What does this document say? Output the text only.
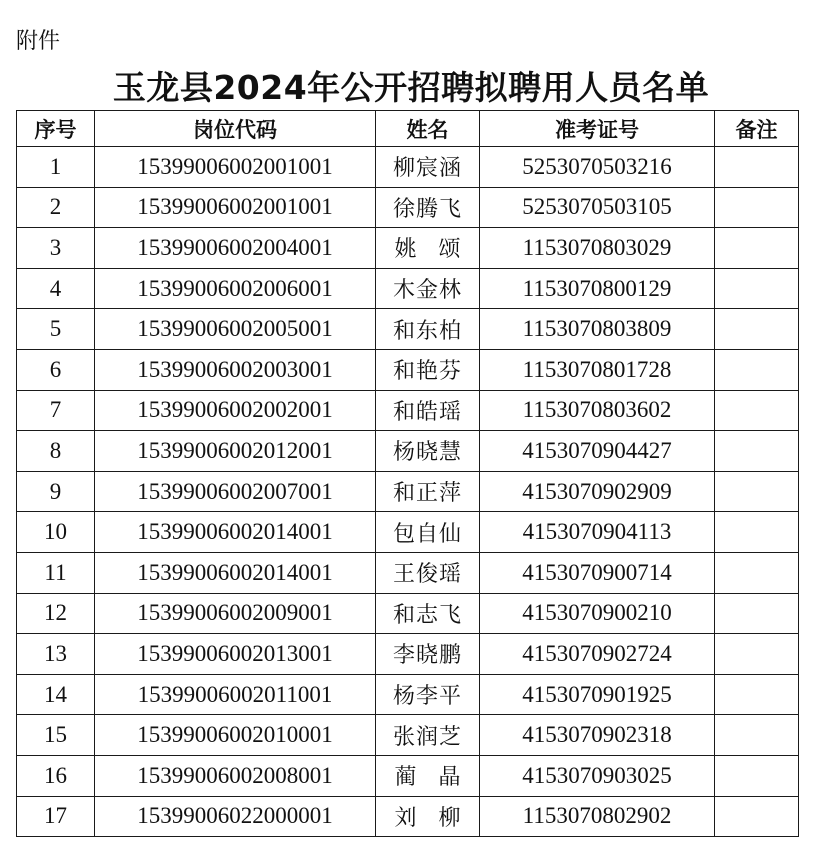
附件
玉龙县2024年公开招聘拟聘用人员名单
序号	岗位代码	姓名	准考证号	备注
1	15399006002001001	柳宸涵	5253070503216	
2	15399006002001001	徐腾飞	5253070503105	
3	15399006002004001	姚　颂	1153070803029	
4	15399006002006001	木金林	1153070800129	
5	15399006002005001	和东柏	1153070803809	
6	15399006002003001	和艳芬	1153070801728	
7	15399006002002001	和皓瑶	1153070803602	
8	15399006002012001	杨晓慧	4153070904427	
9	15399006002007001	和正萍	4153070902909	
10	15399006002014001	包自仙	4153070904113	
11	15399006002014001	王俊瑶	4153070900714	
12	15399006002009001	和志飞	4153070900210	
13	15399006002013001	李晓鹏	4153070902724	
14	15399006002011001	杨李平	4153070901925	
15	15399006002010001	张润芝	4153070902318	
16	15399006002008001	蔺　晶	4153070903025	
17	15399006022000001	刘　柳	1153070802902	
